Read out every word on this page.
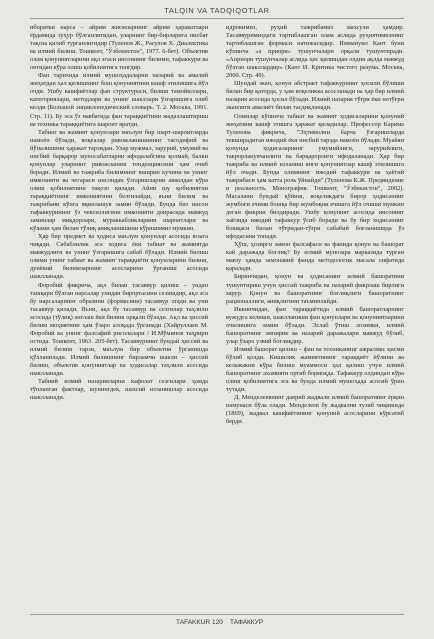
TALQIN VA TADQIQOTLAR

иборатки нарса – айрим жисмларнинг айрим ҳаракатлари ёрдамида зуҳур бўлганлигидан, уларнинг бир-бирларига нисбат тақоза қилиб турганлигидир (Туленов Ж., Расулов Х. Диалектика ва илмий билиш. Тошкент, "Ўзбекистон", 1977. 6-бет). Объектив олам қонуниятларини ақл эгаси инсоннинг билими, тафаккури ва онгидан кўра олиш қобилиятига тенгдир.

Фан тарихида илмий мушоҳадаларни назарий ва амалий жиҳатдан ҳал қилишнинг бош қонуниятини кашф этилишига йўл очди. Ушбу кашфиётлар фан структураси, билиш тамойиллари, категориялари, методлари ва унинг шакллари ўзгаришига олиб келди (Большой энциклопедический словарь. Т. 2. Москва, 1991. Стр. 11). Бу эса ўз навбатида фан тараққиётини жадаллаштириш ва техника тараққиётига шароит яратди.

Табиат ва жамият қонунлари маълум бир шарт-шароитларда намоён бўлади, воқеалар ривожланишининг тасодифий ва йўналишини ҳаракат тарзидан. Улар мужмал, зарурий, умумий ва нисбий барқарор муносабатларни ифодалабгина қолмай, балки қонунлар уларнинг ривожланиш тенденциясини ҳам очиб беради. Илмий ва тажриба билимнинг яширин кучини ва унинг имконияти ва чегараси инсондан ўзгаришларни аввалдан кўра олиш қобилиятини тақозо қилади. Айни шу қобилиятни тараққиётнинг имкониятини белгилайди, яъни билим ва тажрибани кўпга яқинлашув замин бўлади. Бунда биз инсон тафаккурининг ўз чексизлигини имконияти доирасида мавжуд заминлар миқдорлари, мураккабликларини шарoитлари ва кўлами ҳам билан тўлиқ аниқланишини кўришимиз мумкин.

Ҳар бир предмет ва ҳодиса маълум қонунлар асосида юзага чиқади. Сабаблилик эса ходиса ёки табиат ва жамиятда мавжудлиги ва унинг ўзгаришига сабаб бўлади. Илмий билиш олими унинг табиат ва жамият тараққиёти қонунларини билиш, дунёвий билимларнинг асосларини ўрганиш асосида шаклланади.

Форобий фикрича, ақл билан тасаввур қилиш – ундан ташқари бўлган нарсалар унидан бирортасини сезишдир, ақл эса бу нарсаларнинг образини (формасини) тасаввур этади ва уни тасаввур қилади. Яъни, ақл бу тасаввур ва сезгилар таҳлили асосида (тўлиқ) англаш ёки билиш орқали бўлади. Ақл ва ҳиссий билим моҳиятини ҳам ўзаро алоқада ўрганади (Хайруллаев М. Форобий ва унинг фалсафий рисолалари / И.Мўминов таҳрири остида. Тошкент, 1963. 205-бет). Тасаввурнинг бундай ҳиссий ва илмий билиш тарзи, маълум бир объектни ўрганишда қўлланилади. Илмий билишнинг бирламчи шакли – ҳиссий билиш, объектив қонуниятлар ва ҳодисалар таҳлили асосида шаклланади.

Табиий илмий назарияларни кафолат сезгилари ҳамда тўпланган фактлар, шунингдек, шахсий изланишлар асосида шаклланади.

идрокимиз, руҳий тажрибамиз махсули ҳамдир. Тасаввуримиздаги тартиблашган олам аслида руҳиятимизнинг тартиблашган формаси натижасидир. Иммануил Кант буни кўпинча «а приори» тушунчалари орқали тушунтиради. «Априори тушунчалар аслида ҳис қилишдан олдин ақлда мавжуд бўлган шакллардир» (Кант И. Критика чистого разума. Москва, 2000. Стр. 49).

Шундай экан, қонун абстракт тафаккурнинг ҳосили бўлиши билан бир қаторда, у ҳам воқеликка асосланади ва ҳар бир илмий назария асосида ҳосил бўлади. Илмий назария тўғри ёки нотўғри эканлиги амалиёт билан тасдиқланади.

Олимлар кўпинча табиат ва жамият ҳодисаларини қонуний жиҳатини кашф этишга ҳаракат қиладилар. Профессор Карима Туленова фикрича, "Эҳтимолни барча ўзгаришларда текширадиган ижодий ёки нисбий тарзда намоён бўлади. Муайян қонунда ҳодисаларнинг умумийлиги, зарурийлиги, такрорланувчанлиги ва барқарорлиги ифодаланади. Ҳар бир тажриба ва илмий изланиш янги қонуниятлар кашф этилишига йўл очади. Бунда олимнинг ижодий тафаккури ва ҳаётий тажрибаси ҳам катта роль ўйнайди" (Туленова К.Ж. Предвидение и реальность. Монография. Тошкент, "Ўзбекистон", 2002). Масалани бундай қўйиш, воқеликдаги бирор ҳодисанинг жумбоғи ечими бошқа бир жумбоқни ечишга йўл очиши мумкин деган фикрни билдиради. Ушбу қонуният асосида инсоният хаёлида ижодий тафаккур ўсиб боради ва бу бир ходисанинг бошқаси билан тўғридан-тўғри сабабий боғланишида ўз ифодасини топади.

Ҳўш, ҳозирги замон фалсафаси ва фанида қонун ва башорат кай даражада боғлиқ? Бу илмий мунозара марказида турган мавзу ҳамда замонавий фанда методологик масала сифатида қаралади.

Биринчидан, қонун ва ҳодисанинг илмий башоратини тушунтириш учун ҳиссий тажриба ва назарий фикрлаш бирлиги зарур. Қонун ва башоратнинг боғлиқлиги башоратнинг рационаллиги, аниқлигини таъминлайди.

Иккинчидан, фан тараққиётида илмий башоратларнинг вужудга келиши, шаклланиши фан қонунлари ва қонуниятларини очилишига замин бўлади. Эслаб ўтиш лозимки, илмий башоратнинг эмпирик ва назарий даражалари мавжуд бўлиб, улар ўзаро узвий боғлиқдир.

Илмий башорат қилиш – фан ва техниканинг ажралмас қисми бўлиб қолди. Кишилик жамиятининг тараққиёт йўлини ва келажакни кўра билиш муаммоси ҳал қилиш учун илмий башоратнинг ахамияти ортиб бормоқда. Тафаккур олдиндан кўра олиш қобилиятига эга ва бунда илмий мушоҳада асосий ўрин тутади.

Д. Менделеевнинг даврий жадвали илмий башоратнинг ёрқин намунаси бўла олади. Менделеев бу жадвални тузиб чиқишида (1869), жадвал кашфиётининг қонуний асосларини кўрсатиб берди.

ТАFAKKUR 120	ТАФАККУР
